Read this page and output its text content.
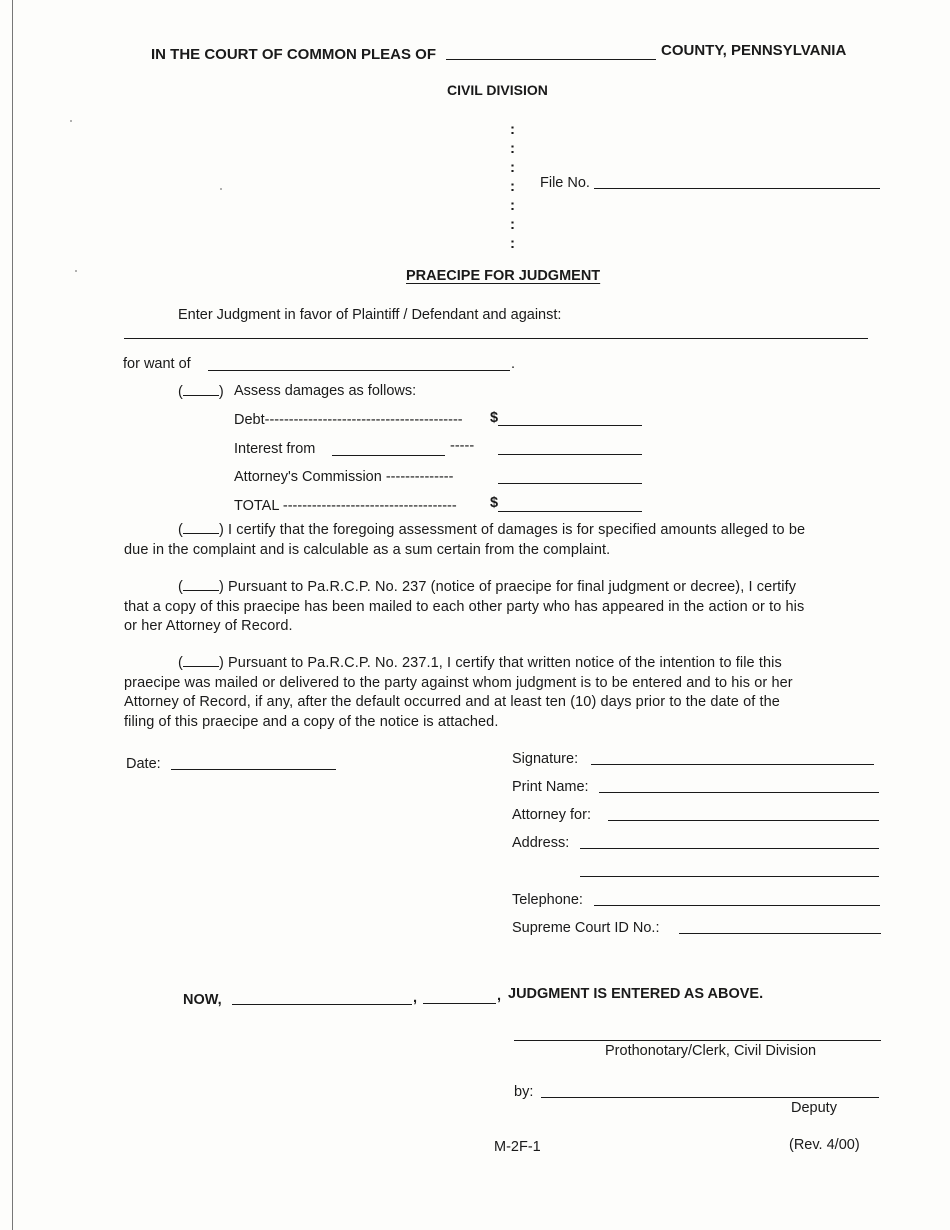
IN THE COURT OF COMMON PLEAS OF	COUNTY, PENNSYLVANIA
CIVIL DIVISION
:
:
:
:
:
:
:
File No.
PRAECIPE FOR JUDGMENT
Enter Judgment in favor of Plaintiff / Defendant and against:
for want of	.
( ) Assess damages as follows:
Debt----------------------------------------- $
Interest from	-----
Attorney's Commission --------------
TOTAL ------------------------------------ $
( ) I certify that the foregoing assessment of damages is for specified amounts alleged to be
due in the complaint and is calculable as a sum certain from the complaint.
( ) Pursuant to Pa.R.C.P. No. 237 (notice of praecipe for final judgment or decree), I certify
that a copy of this praecipe has been mailed to each other party who has appeared in the action or to his
or her Attorney of Record.
( ) Pursuant to Pa.R.C.P. No. 237.1, I certify that written notice of the intention to file this
praecipe was mailed or delivered to the party against whom judgment is to be entered and to his or her
Attorney of Record, if any, after the default occurred and at least ten (10) days prior to the date of the
filing of this praecipe and a copy of the notice is attached.
Date:	Signature:
Print Name:
Attorney for:
Address:
Telephone:
Supreme Court ID No.:
NOW,	,	, JUDGMENT IS ENTERED AS ABOVE.
Prothonotary/Clerk, Civil Division
by:
Deputy
M-2F-1	(Rev. 4/00)
